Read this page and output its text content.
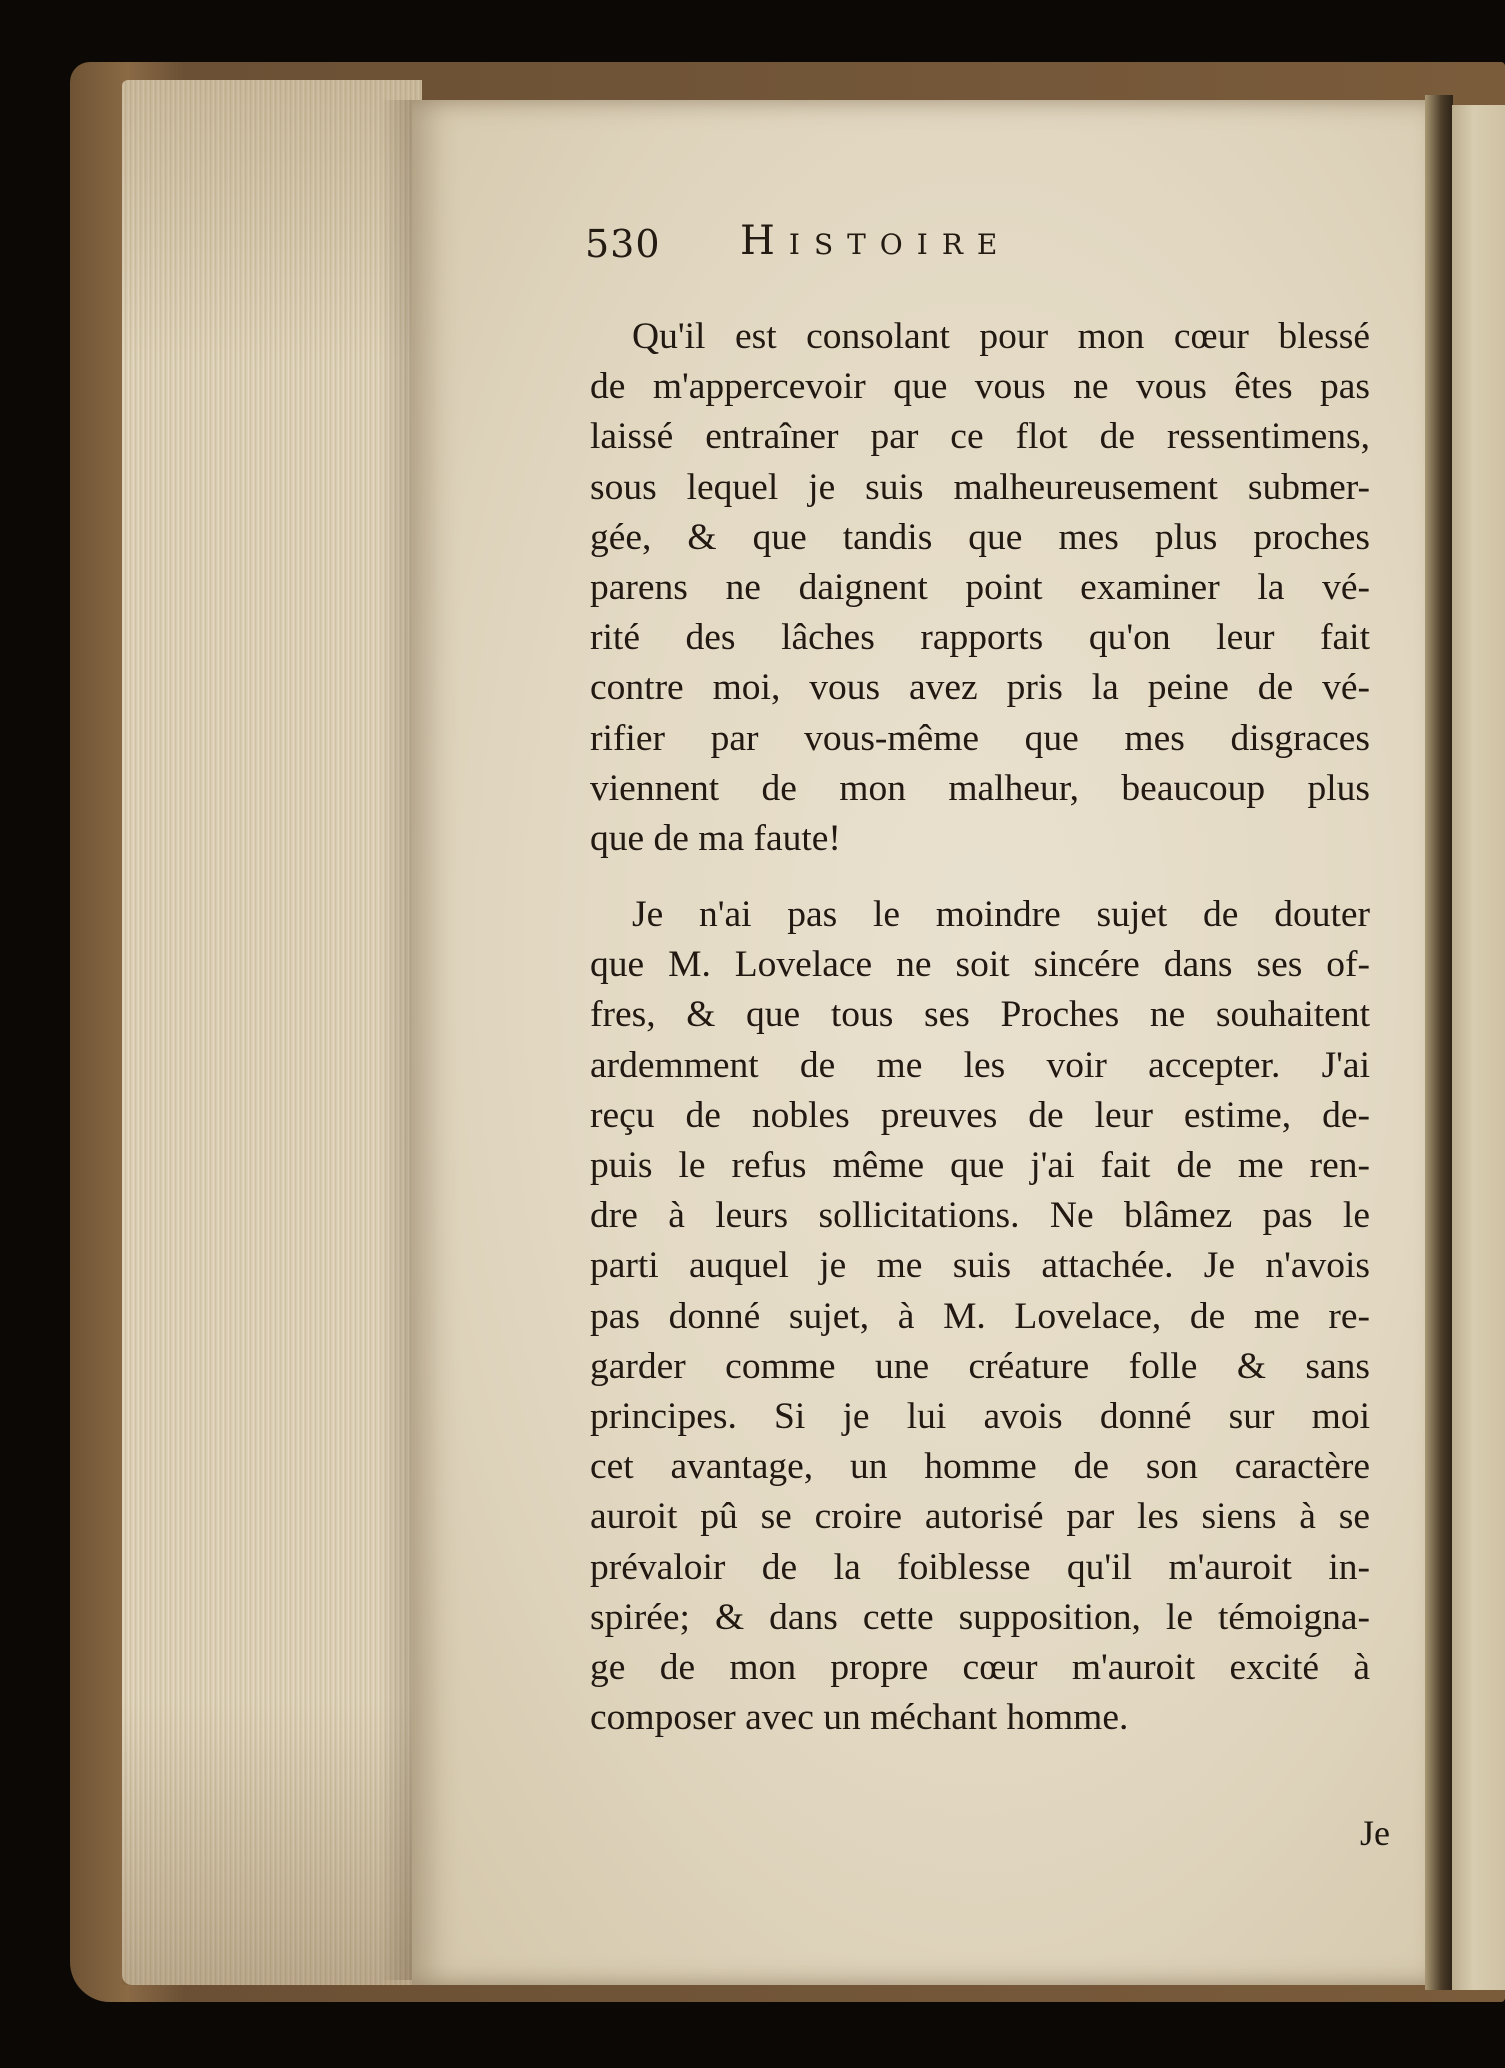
530 Histoire
Qu'il est consolant pour mon cœur blessé
de m'appercevoir que vous ne vous êtes pas
laissé entraîner par ce flot de ressentimens,
sous lequel je suis malheureusement submer-
gée, & que tandis que mes plus proches
parens ne daignent point examiner la vé-
rité des lâches rapports qu'on leur fait
contre moi, vous avez pris la peine de vé-
rifier par vous-même que mes disgraces
viennent de mon malheur, beaucoup plus
que de ma faute!
Je n'ai pas le moindre sujet de douter
que M. Lovelace ne soit sincére dans ses of-
fres, & que tous ses Proches ne souhaitent
ardemment de me les voir accepter. J'ai
reçu de nobles preuves de leur estime, de-
puis le refus même que j'ai fait de me ren-
dre à leurs sollicitations. Ne blâmez pas le
parti auquel je me suis attachée. Je n'avois
pas donné sujet, à M. Lovelace, de me re-
garder comme une créature folle & sans
principes. Si je lui avois donné sur moi
cet avantage, un homme de son caractère
auroit pû se croire autorisé par les siens à se
prévaloir de la foiblesse qu'il m'auroit in-
spirée; & dans cette supposition, le témoigna-
ge de mon propre cœur m'auroit excité à
composer avec un méchant homme.
Je
